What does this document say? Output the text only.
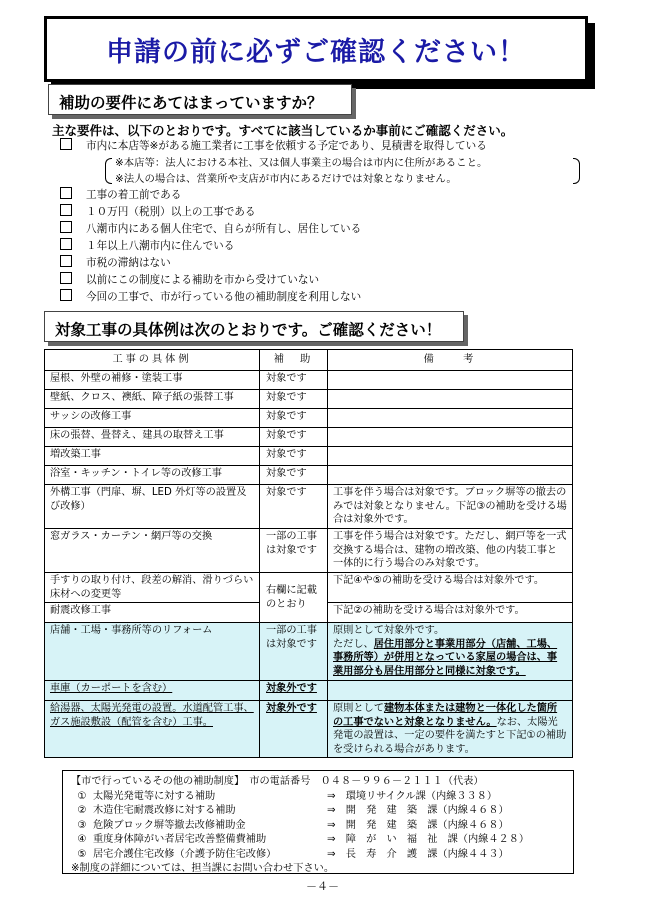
申請の前に必ずご確認ください！
補助の要件にあてはまっていますか？
主な要件は、以下のとおりです。すべてに該当しているか事前にご確認ください。
市内に本店等※がある施工業者に工事を依頼する予定であり、見積書を取得している
※本店等：法人における本社、又は個人事業主の場合は市内に住所があること。
※法人の場合は、営業所や支店が市内にあるだけでは対象となりません。
工事の着工前である
１０万円（税別）以上の工事である
八潮市内にある個人住宅で、自らが所有し、居住している
１年以上八潮市内に住んでいる
市税の滞納はない
以前にこの制度による補助を市から受けていない
今回の工事で、市が行っている他の補助制度を利用しない
対象工事の具体例は次のとおりです。ご確認ください！
工事の具体例	補　助	備　　考
屋根、外壁の補修・塗装工事	対象です	
壁紙、クロス、襖紙、障子紙の張替工事	対象です	
サッシの改修工事	対象です	
床の張替、畳替え、建具の取替え工事	対象です	
増改築工事	対象です	
浴室・キッチン・トイレ等の改修工事	対象です	
外構工事（門扉、塀、LED 外灯等の設置及び改修）	対象です	工事を伴う場合は対象です。ブロック塀等の撤去のみでは対象となりません。下記③の補助を受ける場合は対象外です。
窓ガラス・カーテン・網戸等の交換	一部の工事は対象です	工事を伴う場合は対象です。ただし、網戸等を一式交換する場合は、建物の増改築、他の内装工事と一体的に行う場合のみ対象です。
手すりの取り付け、段差の解消、滑りづらい床材への変更等	右欄に記載のとおり	下記④や⑤の補助を受ける場合は対象外です。
耐震改修工事		下記②の補助を受ける場合は対象外です。
店舗・工場・事務所等のリフォーム	一部の工事は対象です	原則として対象外です。
ただし、居住用部分と事業用部分（店舗、工場、事務所等）が併用となっている家屋の場合は、事業用部分も居住用部分と同様に対象です。
車庫（カーポートを含む）	対象外です	
給湯器、太陽光発電の設置。水道配管工事、ガス施設敷設（配管を含む）工事。	対象外です	原則として建物本体または建物と一体化した箇所の工事でないと対象となりません。なお、太陽光発電の設置は、一定の要件を満たすと下記①の補助を受けられる場合があります。
【市で行っているその他の補助制度】　市の電話番号　０４８－９９６－２１１１（代表）
① 太陽光発電等に対する補助	⇒　環境リサイクル課（内線３３８）
② 木造住宅耐震改修に対する補助	⇒　開　発　建　築　課（内線４６８）
③ 危険ブロック塀等撤去改修補助金	⇒　開　発　建　築　課（内線４６８）
④ 重度身体障がい者居宅改善整備費補助	⇒　障　が　い　福　祉　課（内線４２８）
⑤ 居宅介護住宅改修（介護予防住宅改修）	⇒　長　寿　介　護　課（内線４４３）
※制度の詳細については、担当課にお問い合わせ下さい。
－４－
